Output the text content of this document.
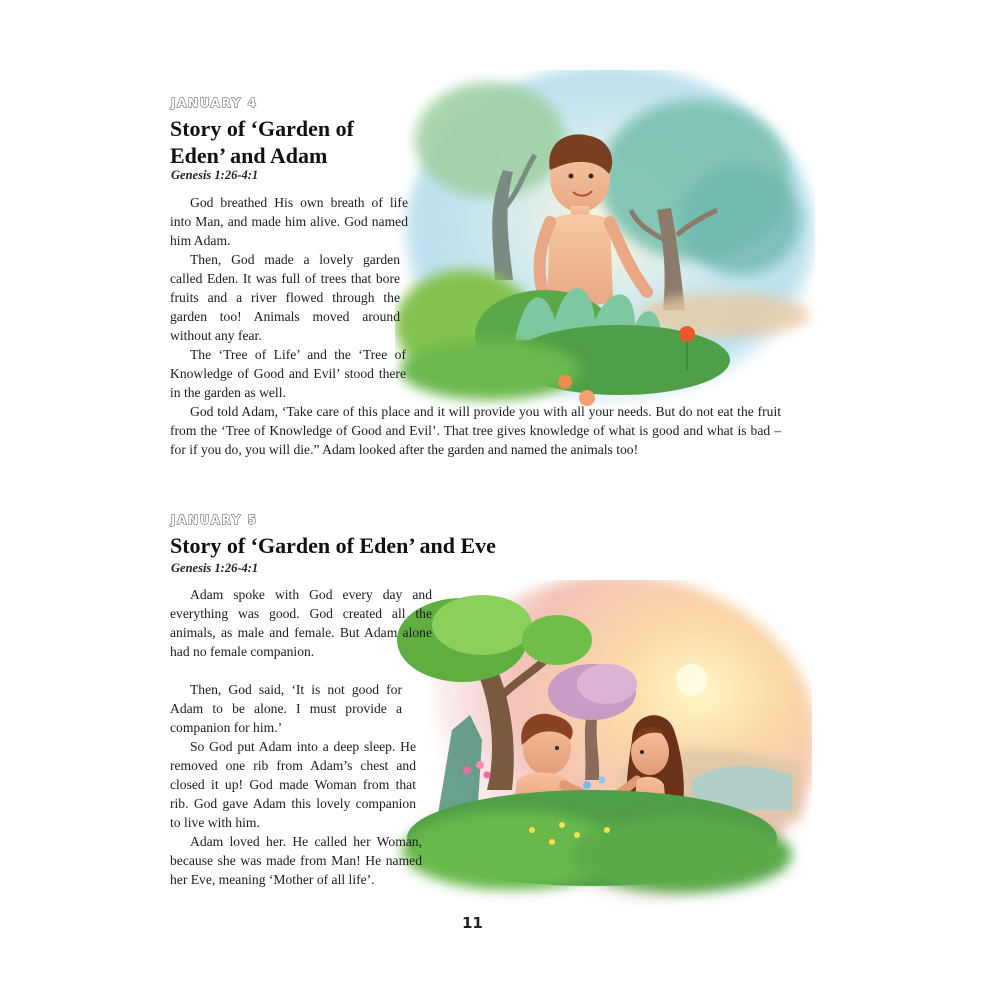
JANUARY 4
Story of ‘Garden of
Eden’ and Adam
Genesis 1:26-4:1

God breathed His own breath of life into Man, and made him alive. God named him Adam.

Then, God made a lovely garden called Eden. It was full of trees that bore fruits and a river flowed through the garden too! Animals moved around without any fear.

The ‘Tree of Life’ and the ‘Tree of Knowledge of Good and Evil’ stood there in the garden as well.

God told Adam, ‘Take care of this place and it will provide you with all your needs. But do not eat the fruit from the ‘Tree of Knowledge of Good and Evil’. That tree gives knowledge of what is good and what is bad – for if you do, you will die.” Adam looked after the garden and named the animals too!

JANUARY 5
Story of ‘Garden of Eden’ and Eve
Genesis 1:26-4:1

Adam spoke with God every day and everything was good. God created all the animals, as male and female. But Adam alone had no female companion.

Then, God said, ‘It is not good for Adam to be alone. I must provide a companion for him.’

So God put Adam into a deep sleep. He removed one rib from Adam’s chest and closed it up! God made Woman from that rib. God gave Adam this lovely companion to live with him.

Adam loved her. He called her Woman, because she was made from Man! He named her Eve, meaning ‘Mother of all life’.

11
